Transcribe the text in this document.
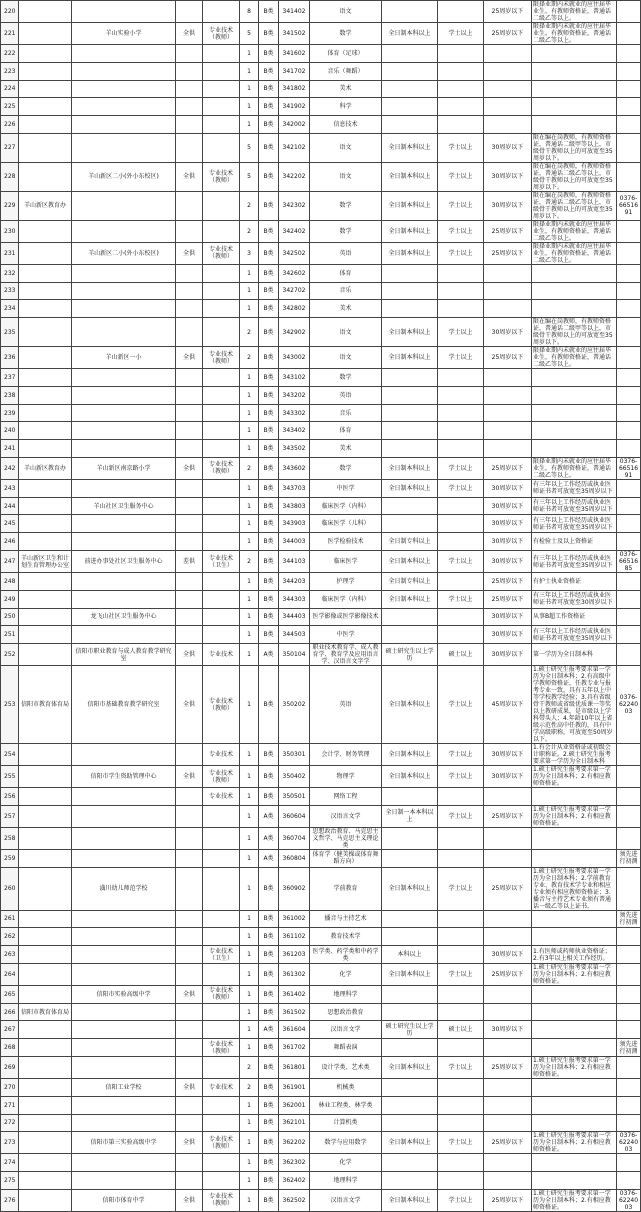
220					8	B类	341402	语文			25周岁以下	限择业期内未就业的应往届毕业生。有教师资格证，普通话二级乙等以上。	
221		羊山实验小学	全供	专业技术（教师）	5	B类	341502	数学	全日制本科以上	学士以上	25周岁以下	限择业期内未就业的应往届毕业生。有教师资格证，普通话二级乙等以上。	
222					1	B类	341602	体育（足球）					
223					1	B类	341702	音乐（舞蹈）					
224					1	B类	341802	美术					
225					1	B类	341902	科学					
226					1	B类	342002	信息技术					
227					5	B类	342102	语文	全日制本科以上	学士以上	30周岁以下	限在编在岗教师，有教师资格证，普通话二级甲等以上，市级骨干教师以上的可放宽至35周岁以下。	
228		羊山新区二小(外小东校区)	全供	专业技术（教师）	5	B类	342202	语文	全日制本科以上	学士以上	30周岁以下	限在编在岗教师，有教师资格证，普通话二级乙等以上，市级骨干教师以上的可放宽至35周岁以下。	
229	羊山新区教育办				2	B类	342302	数学	全日制本科以上	学士以上	30周岁以下	限在编在岗教师，有教师资格证，普通话二级乙等以上，市级骨干教师以上的可放宽至35周岁以下。	0376-6651691
230					2	B类	342402	数学	全日制本科以上	学士以上	25周岁以下	限择业期内未就业的应往届毕业生，有教师资格证，普通话二级乙等以上。	
231		羊山新区二小(外小东校区)	全供	专业技术（教师）	3	B类	342502	英语	全日制本科以上	学士以上	25周岁以下	限择业期内未就业的应往届毕业生，有教师资格证，普通话二级乙等以上。	
232					1	B类	342602	体育					
233					1	B类	342702	音乐					
234					1	B类	342802	美术					
235					2	B类	342902	语文	全日制本科以上	学士以上	30周岁以下	限在编在岗教师，有教师资格证，普通话二级甲等以上，市级骨干教师以上的可放宽至35周岁以下。	
236		羊山新区一小	全供	专业技术（教师）	2	B类	343002	语文	全日制本科以上	学士以上	25周岁以下	限择业期内未就业的应往届毕业生，有教师资格证，普通话二级乙等以上。	
237					1	B类	343102	数学					
238					1	B类	343202	英语					
239					1	B类	343302	音乐					
240					1	B类	343402	体育					
241					1	B类	343502	美术					
242	羊山新区教育办	羊山新区南京路小学	全供	专业技术（教师）	2	B类	343602	数学	全日制本科以上	学士以上	25周岁以下	限择业期内未就业的应往届毕业生，有教师资格证，普通话二级乙等以上。	0376-6651691
243					1	B类	343703	中医学	全日制本科以上	学士以上	30周岁以下	有三年以上工作经历或执业医师证书者可放宽至35周岁以下	
244		羊山社区卫生服务中心			1	B类	343803	临床医学（内科）			30周岁以下	有三年以上工作经历或执业医师证书者可放宽至35周岁以下	
245					1	B类	343903	临床医学（儿科）			30周岁以下	有三年以上工作经历或执业医师证书者可放宽至35周岁以下	
246					1	B类	344003	医学检验技术	全日制专科以上		30周岁以下	有检验士及以上资格证	
247	羊山新区卫生和计划生育管理办公室	前进办事处社区卫生服务中心	差供	专业技术（卫生）	2	B类	344103	临床医学	全日制本科以上	学士以上	30周岁以下	有三年以上工作经历或执业医师证书者可放宽至35周岁以下	0376-6651685
248					1	B类	344203	护理学	全日制专科以上		25周岁以下	有护士执业资格证	
249					1	B类	344303	临床医学（内科）	全日制本科以上	学士以上	25周岁以下	有三年以上工作经历或执业医师证书者可放宽至30周岁以下	
250		龙飞山社区卫生服务中心			1	B类	344403	医学影像或医学影像技术			30周岁以下	从事B超工作资格证	
251					1	B类	344503	中医学			30周岁以下	有三年以上工作经历或执业医师证书者可放宽至35周岁以下	
252		信阳市职业教育与成人教育教学研究室	全供	专业技术	1	A类	350104	职业技术教育学、成人教育学、教育学及应用语言学、汉语言文字学	硕士研究生以上学历	硕士以上	30周岁以下	第一学历为全日制本科	
253	信阳市教育体育局	信阳市基础教育教学研究室	全供	专业技术（教师）	1	B类	350202	英语	全日制本科以上	学士以上	45周岁以下	1.硕士研究生报考要求第一学历为全日制本科；2.有高级中学教师资格证，任教专业与报考专业一致，具有五年以上中等学校教学经验；3.具有省级骨干教师或省级优质课一等奖以上教研成果，是市级以上学科带头人；4.年龄10年以上省级示范性高中任教的，具有中学高级职称，可放宽至50周岁以下。	0376-6224003
254				专业技术	1	B类	350301	会计学、财务管理	全日制本科以上	学士以上	30周岁以下	1.有会计从业资格证或初级会计职称证。2.硕士研究生报考要求第一学历为全日制本科	
255		信阳市学生资助管理中心	全供	专业技术（教师）	1	B类	350402	物理学	全日制本科以上	学士以上	30周岁以下	1.硕士研究生报考要求第一学历为全日制本科；2.有相应教师资格证。	
256				专业技术	1	B类	350501	网络工程					
257					1	A类	360604	汉语言文学	全日制一本本科以上	学士以上	25周岁以下	1.硕士研究生报考要求第一学历为全日制本科；2.有相应教师资格证。	
258					1	A类	360704	思想政治教育、马克思主义哲学、马克思主义理论类					
259					1	A类	360804	体育学（健美操或体育舞蹈方向）					须先进行初测

260		潢川幼儿师范学校			1	B类	360902	学前教育	全日制本科以上	学士以上	25周岁以下	1.硕士研究生报考要求第一学历为全日制本科；2.学前教育专业、教育技术学专业和相应专业须有相应教师资格证；3.播音与主持艺术专业须有普通话一级乙等以上证书。	
261					1	B类	361002	播音与主持艺术					须先进行初测

262					1	B类	361102	教育技术学					
263				专业技术（卫生）	1	B类	361203	医学类、药学类和中药学类	本科以上		30周岁以下	1.有医师或药师执业资格证；2.有3年以上相关工作经历。	
264					1	B类	361302	化学	全日制本科以上	学士以上	25周岁以下	1.硕士研究生报考要求第一学历为全日制本科；2.有相应教师资格证。	
265		信阳市实验高级中学	全供	专业技术（教师）	1	B类	361402	地理科学					
266	信阳市教育体育局				1	B类	361502	思想政治教育					
267					1	A类	361604	汉语言文学	硕士研究生以上学历	硕士以上	30周岁以下		
268				专业技术（教师）	1	B类	361702	舞蹈表演					须先进行初测

269					2	B类	361801	设计学类、艺术类	全日制本科以上	学士以上	25周岁以下	1.硕士研究生报考要求第一学历为全日制本科；2.有相应教师资格证。	
270		信阳工业学校	全供	专业技术	2	B类	361901	机械类					
271					1	B类	362001	林业工程类、林学类					
272					1	B类	362101	计算机类					
273		信阳市第三实验高级中学	全供	专业技术（教师）	1	B类	362202	数学与应用数学	全日制本科以上	学士以上	25周岁以下	1.硕士研究生报考要求第一学历为全日制本科；2.有相应教师资格证。	0376-6224003
274					1	B类	362302	化学					
275					1	B类	362402	地理科学					
276		信阳市体育中学	全供	专业技术（教师）	1	B类	362502	汉语言文学	全日制本科以上	学士以上	25周岁以下	1.硕士研究生报考要求第一学历为全日制本科；2.有相应教师资格证。	0376-6224003
